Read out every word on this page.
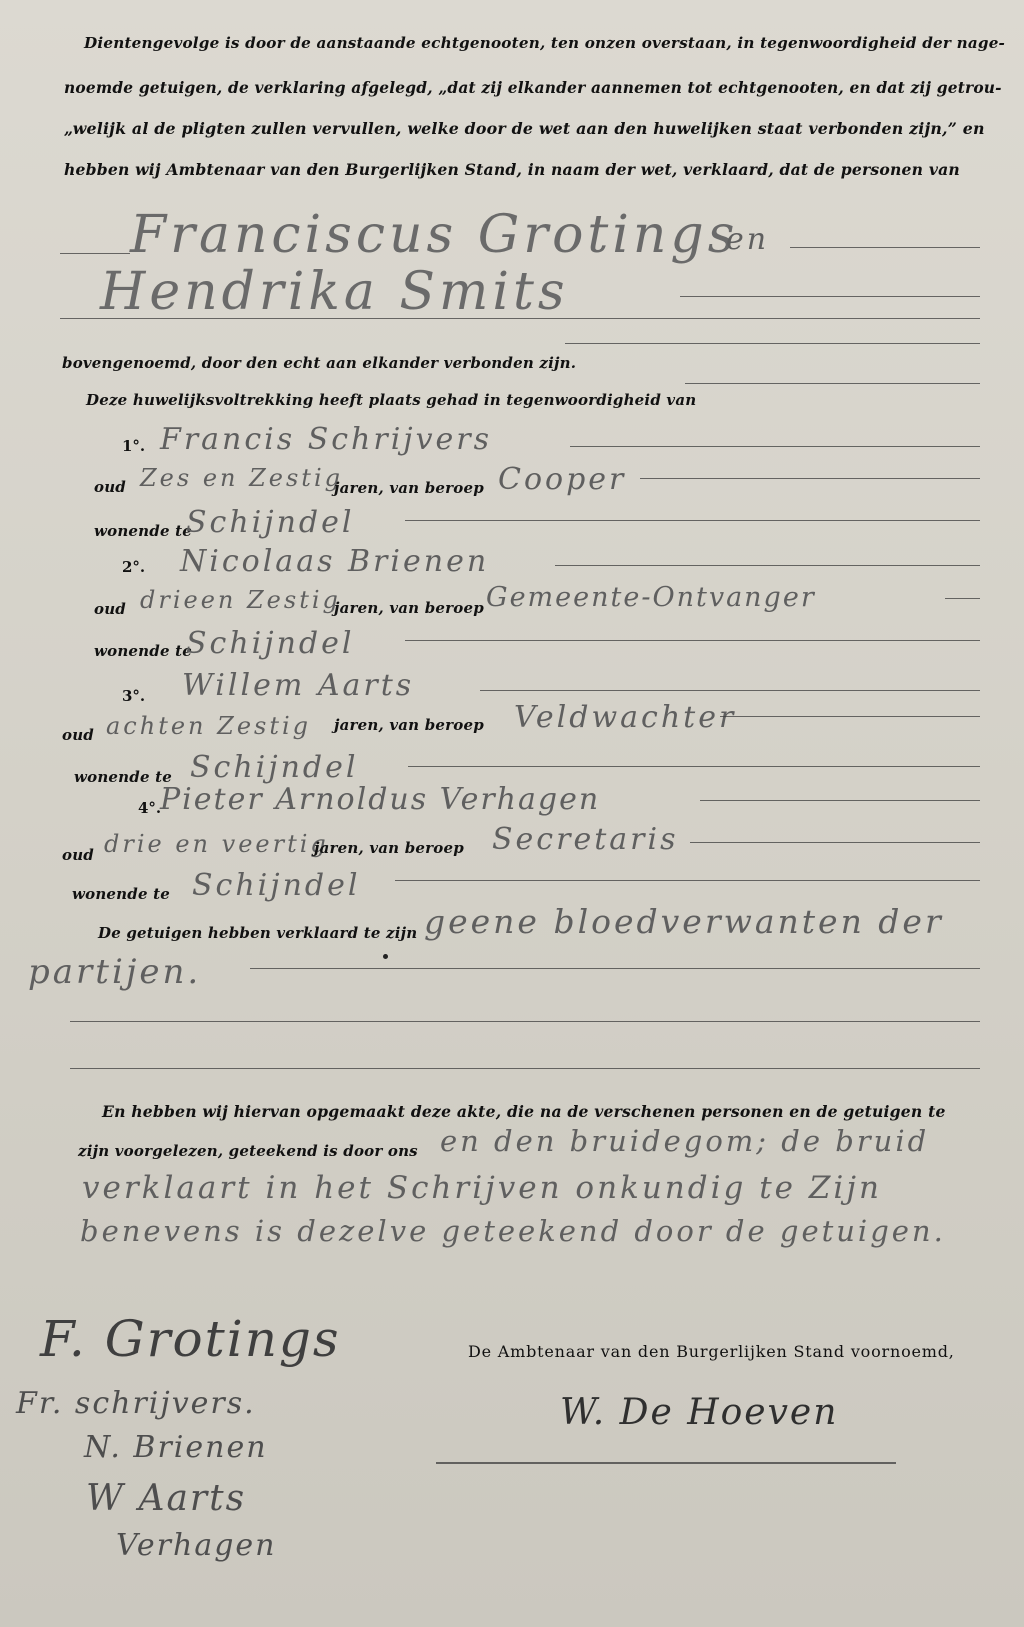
Dientengevolge is door de aanstaande echtgenooten, ten onzen overstaan, in tegenwoordigheid der nage-
noemde getuigen, de verklaring afgelegd, „dat zij elkander aannemen tot echtgenooten, en dat zij getrou-
„welijk al de pligten zullen vervullen, welke door de wet aan den huwelijken staat verbonden zijn,” en
hebben wij Ambtenaar van den Burgerlijken Stand, in naam der wet, verklaard, dat de personen van
Franciscus Grotings
en
Hendrika Smits
bovengenoemd, door den echt aan elkander verbonden zijn.
Deze huwelijksvoltrekking heeft plaats gehad in tegenwoordigheid van
1°. Francis Schrijvers
oud Zes en Zestig
jaren, van beroep Cooper
wonende te
Schijndel
2°. Nicolaas Brienen
oud drieen Zestig
jaren, van beroep Gemeente-Ontvanger
wonende te
Schijndel
3°. Willem Aarts
oud achten Zestig jaren, van beroep Veldwachter
wonende te Schijndel
4°.
Pieter Arnoldus Verhagen
oud drie en veertig
jaren, van beroep Secretaris
wonende te Schijndel
De getuigen hebben verklaard te zijn geene bloedverwanten der
partijen.
En hebben wij hiervan opgemaakt deze akte, die na de verschenen personen en de getuigen te
zijn voorgelezen, geteekend is door ons en den bruidegom; de bruid
verklaart in het Schrijven onkundig te Zijn
benevens is dezelve geteekend door de getuigen.
F. Grotings
Fr. schrijvers.
N. Brienen
W Aarts
Verhagen
De Ambtenaar van den Burgerlijken Stand voornoemd,
W. De Hoeven
